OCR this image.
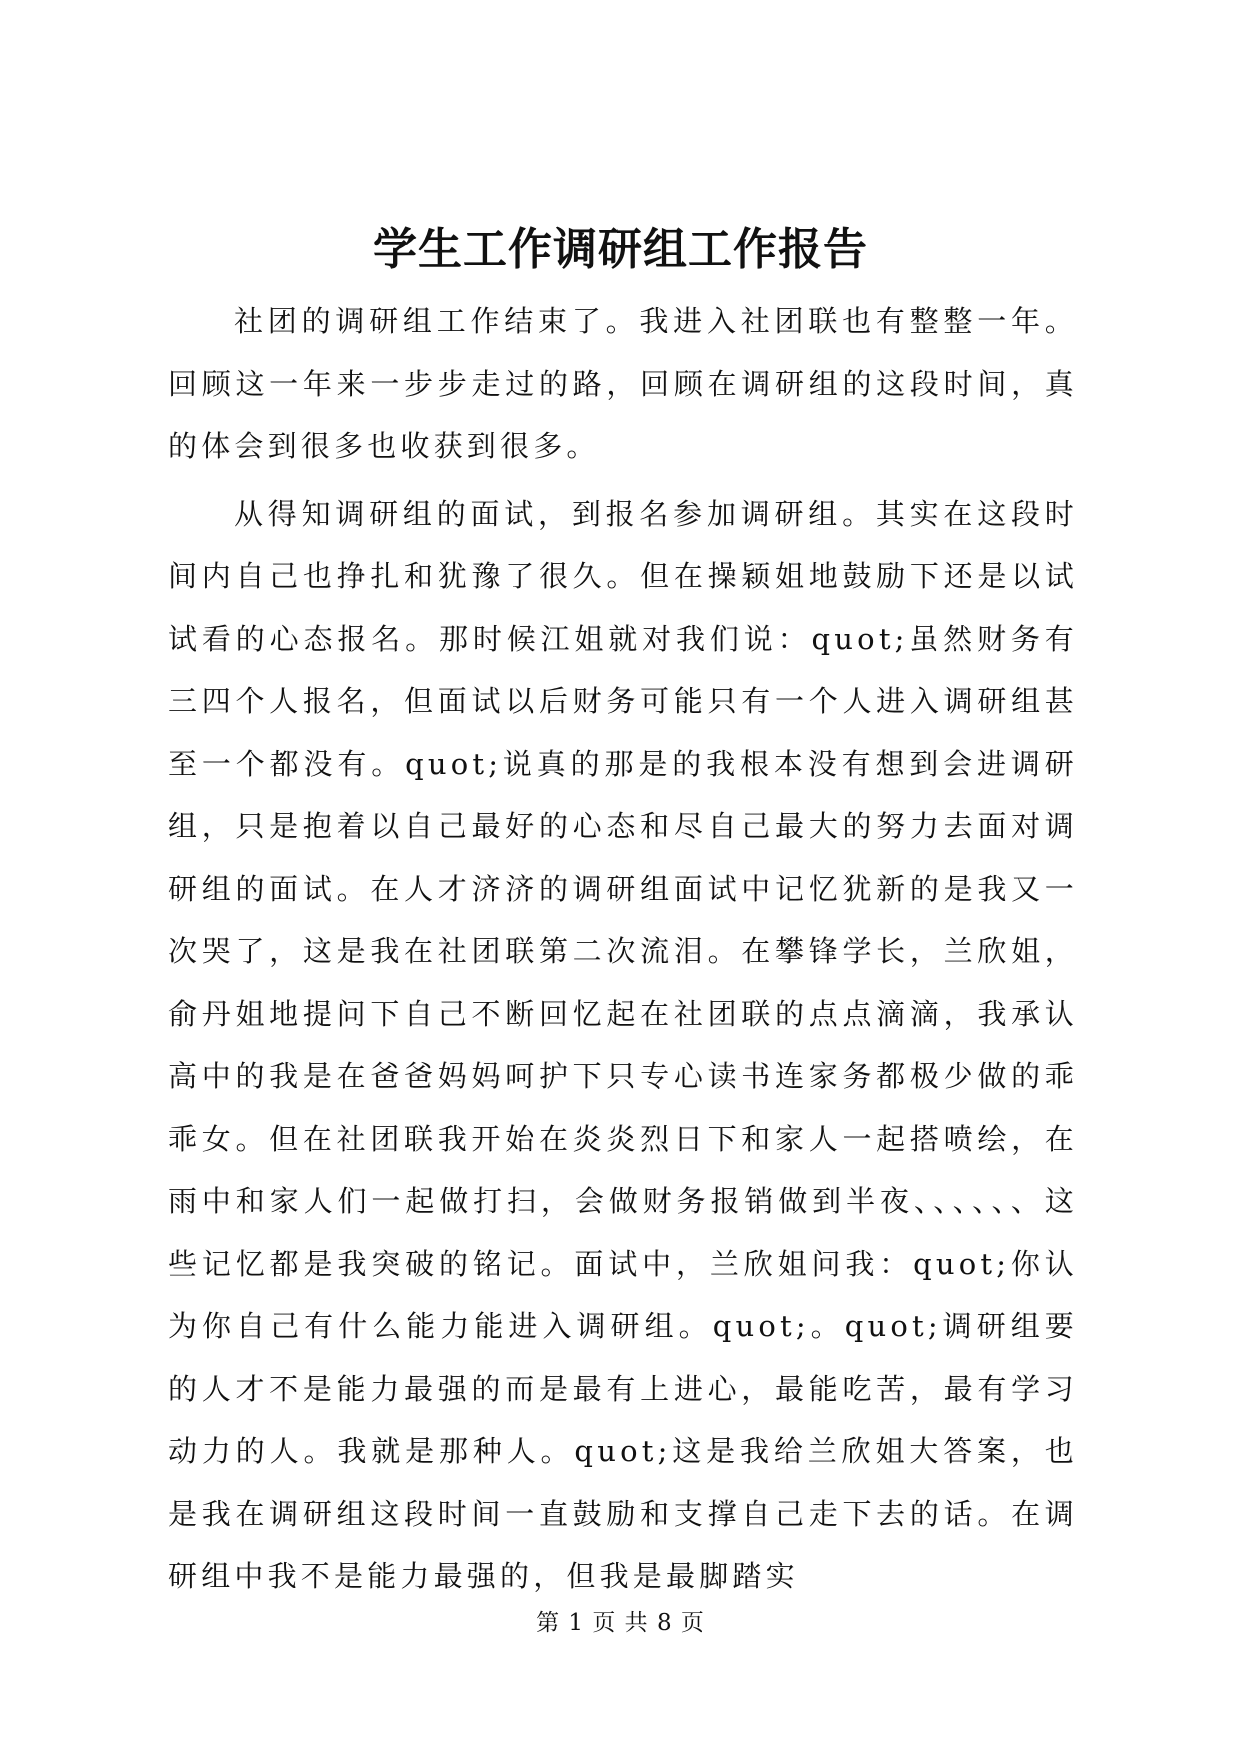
学生工作调研组工作报告

社团的调研组工作结束了。我进入社团联也有整整一年。回顾这一年来一步步走过的路，回顾在调研组的这段时间，真的体会到很多也收获到很多。

从得知调研组的面试，到报名参加调研组。其实在这段时间内自己也挣扎和犹豫了很久。但在操颖姐地鼓励下还是以试试看的心态报名。那时候江姐就对我们说：quot;虽然财务有三四个人报名，但面试以后财务可能只有一个人进入调研组甚至一个都没有。quot;说真的那是的我根本没有想到会进调研组，只是抱着以自己最好的心态和尽自己最大的努力去面对调研组的面试。在人才济济的调研组面试中记忆犹新的是我又一次哭了，这是我在社团联第二次流泪。在攀锋学长，兰欣姐，俞丹姐地提问下自己不断回忆起在社团联的点点滴滴，我承认高中的我是在爸爸妈妈呵护下只专心读书连家务都极少做的乖乖女。但在社团联我开始在炎炎烈日下和家人一起搭喷绘，在雨中和家人们一起做打扫，会做财务报销做到半夜、、、、、、这些记忆都是我突破的铭记。面试中，兰欣姐问我：quot;你认为你自己有什么能力能进入调研组。quot;。quot;调研组要的人才不是能力最强的而是最有上进心，最能吃苦，最有学习动力的人。我就是那种人。quot;这是我给兰欣姐大答案，也是我在调研组这段时间一直鼓励和支撑自己走下去的话。在调研组中我不是能力最强的，但我是最脚踏实

第 1 页 共 8 页
